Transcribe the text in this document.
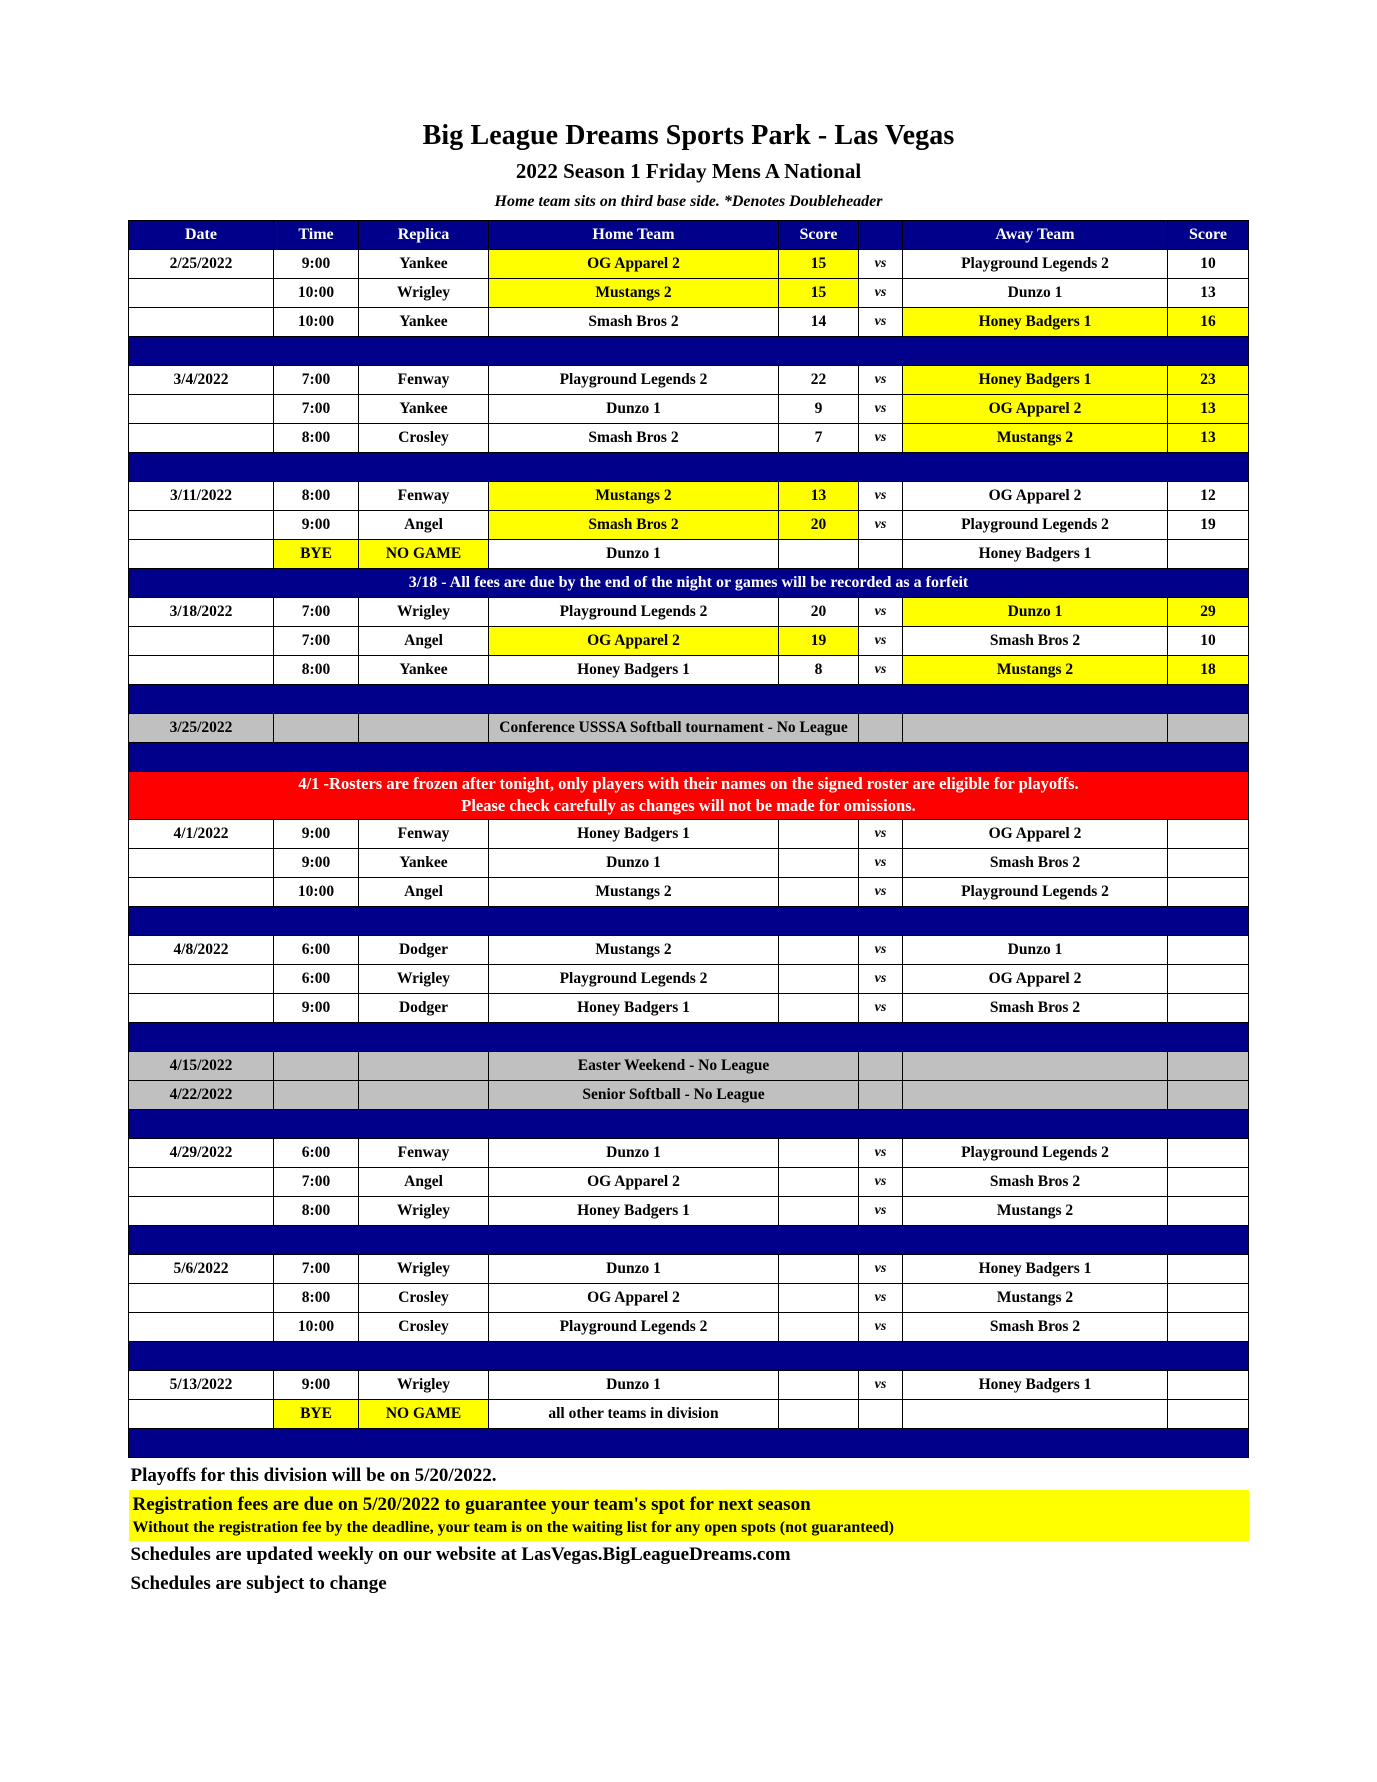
Big League Dreams Sports Park - Las Vegas
2022 Season 1 Friday Mens A National
Home team sits on third base side. *Denotes Doubleheader
Date	Time	Replica	Home Team	Score		Away Team	Score
2/25/2022	9:00	Yankee	OG Apparel 2	15	vs	Playground Legends 2	10
	10:00	Wrigley	Mustangs 2	15	vs	Dunzo 1	13
	10:00	Yankee	Smash Bros 2	14	vs	Honey Badgers 1	16

3/4/2022	7:00	Fenway	Playground Legends 2	22	vs	Honey Badgers 1	23
	7:00	Yankee	Dunzo 1	9	vs	OG Apparel 2	13
	8:00	Crosley	Smash Bros 2	7	vs	Mustangs 2	13

3/11/2022	8:00	Fenway	Mustangs 2	13	vs	OG Apparel 2	12
	9:00	Angel	Smash Bros 2	20	vs	Playground Legends 2	19
	BYE	NO GAME	Dunzo 1			Honey Badgers 1	
3/18 - All fees are due by the end of the night or games will be recorded as a forfeit							
3/18/2022	7:00	Wrigley	Playground Legends 2	20	vs	Dunzo 1	29
	7:00	Angel	OG Apparel 2	19	vs	Smash Bros 2	10
	8:00	Yankee	Honey Badgers 1	8	vs	Mustangs 2	18

3/25/2022			Conference USSSA Softball tournament - No League				

4/1 -Rosters are frozen after tonight, only players with their names on the signed roster are eligible for playoffs.
Please check carefully as changes will not be made for omissions.							

4/1/2022	9:00	Fenway	Honey Badgers 1		vs	OG Apparel 2	
	9:00	Yankee	Dunzo 1		vs	Smash Bros 2	
	10:00	Angel	Mustangs 2		vs	Playground Legends 2	

4/8/2022	6:00	Dodger	Mustangs 2		vs	Dunzo 1	
	6:00	Wrigley	Playground Legends 2		vs	OG Apparel 2	
	9:00	Dodger	Honey Badgers 1		vs	Smash Bros 2	

4/15/2022			Easter Weekend - No League				
4/22/2022			Senior Softball - No League				

4/29/2022	6:00	Fenway	Dunzo 1		vs	Playground Legends 2	
	7:00	Angel	OG Apparel 2		vs	Smash Bros 2	
	8:00	Wrigley	Honey Badgers 1		vs	Mustangs 2	

5/6/2022	7:00	Wrigley	Dunzo 1		vs	Honey Badgers 1	
	8:00	Crosley	OG Apparel 2		vs	Mustangs 2	
	10:00	Crosley	Playground Legends 2		vs	Smash Bros 2	

5/13/2022	9:00	Wrigley	Dunzo 1		vs	Honey Badgers 1	
	BYE	NO GAME	all other teams in division				

Playoffs for this division will be on 5/20/2022.
Registration fees are due on 5/20/2022 to guarantee your team's spot for next season
Without the registration fee by the deadline, your team is on the waiting list for any open spots (not guaranteed)
Schedules are updated weekly on our website at LasVegas.BigLeagueDreams.com
Schedules are subject to change
